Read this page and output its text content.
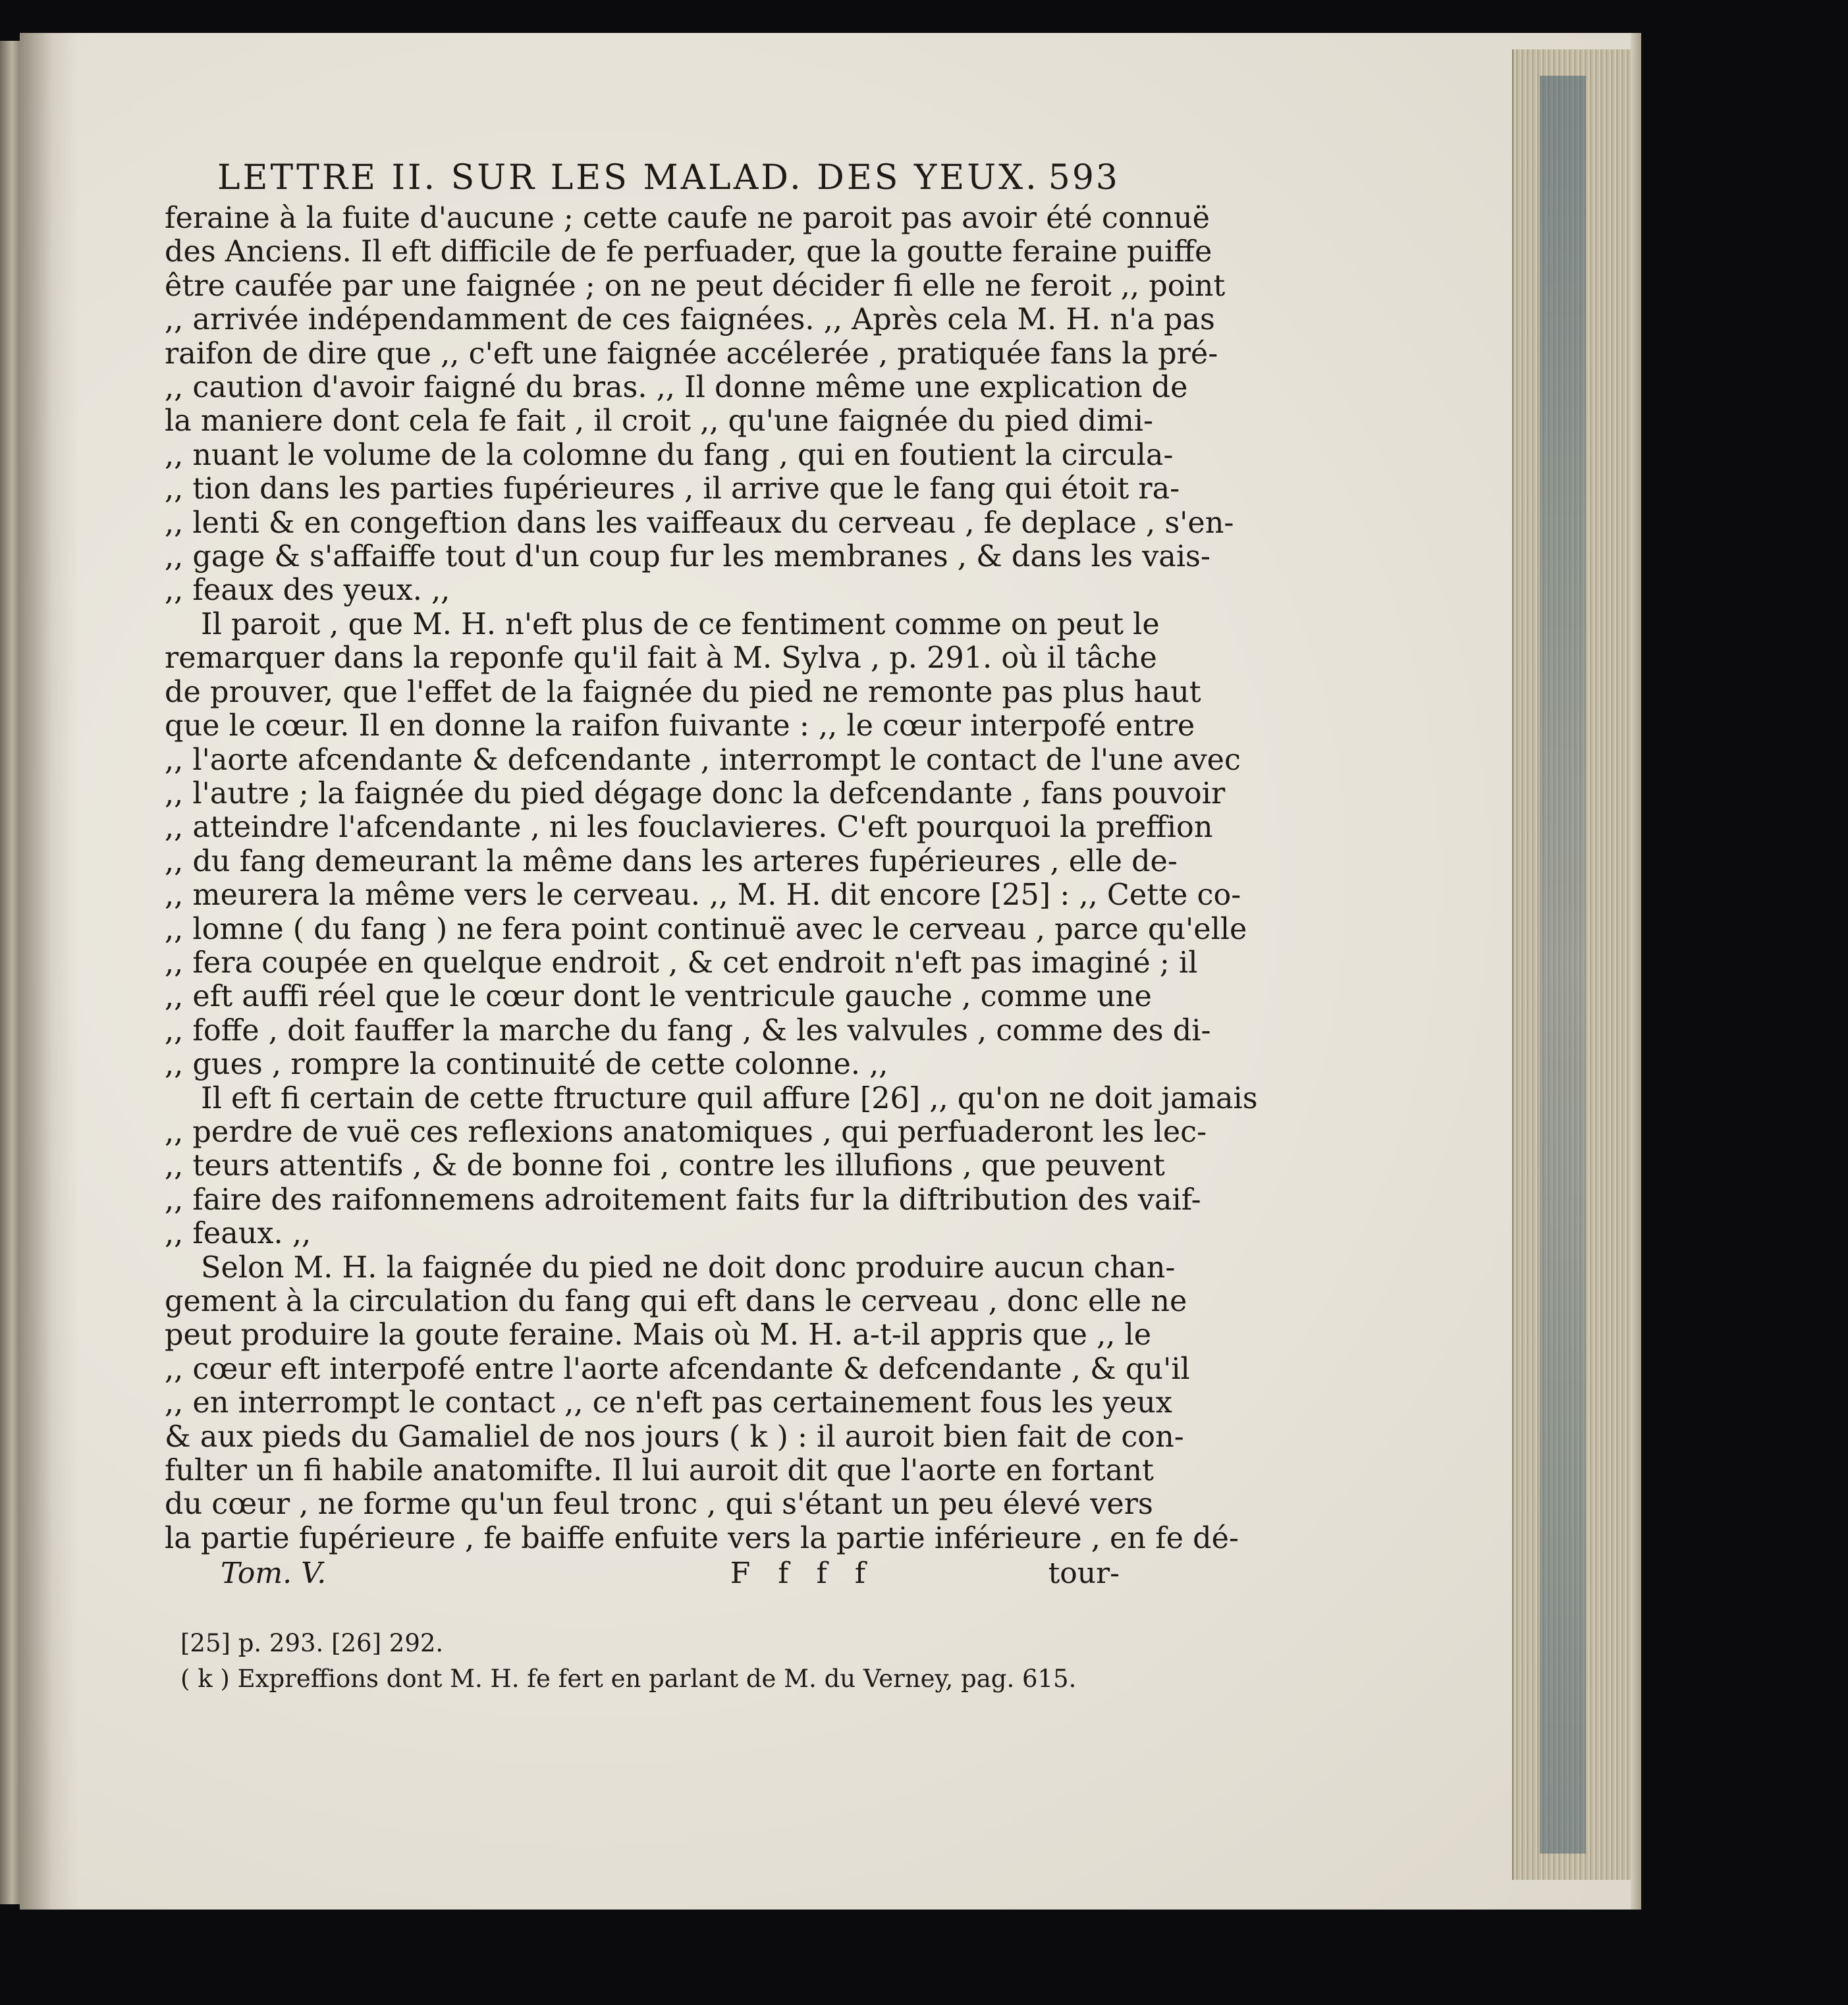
LETTRE II. SUR LES MALAD. DES YEUX. 593
feraine à la fuite d'aucune ; cette caufe ne paroit pas avoir été connuë
des Anciens. Il eft difficile de fe perfuader, que la goutte feraine puiffe
être caufée par une faignée ; on ne peut décider fi elle ne feroit ,, point
,, arrivée indépendamment de ces faignées. ,, Après cela M. H. n'a pas
raifon de dire que ,, c'eft une faignée accélerée , pratiquée fans la pré-
,, caution d'avoir faigné du bras. ,, Il donne même une explication de
la maniere dont cela fe fait , il croit ,, qu'une faignée du pied dimi-
,, nuant le volume de la colomne du fang , qui en foutient la circula-
,, tion dans les parties fupérieures , il arrive que le fang qui étoit ra-
,, lenti & en congeftion dans les vaiffeaux du cerveau , fe deplace , s'en-
,, gage & s'affaiffe tout d'un coup fur les membranes , & dans les vais-
,, feaux des yeux. ,,
Il paroit , que M. H. n'eft plus de ce fentiment comme on peut le
remarquer dans la reponfe qu'il fait à M. Sylva , p. 291. où il tâche
de prouver, que l'effet de la faignée du pied ne remonte pas plus haut
que le cœur. Il en donne la raifon fuivante : ,, le cœur interpofé entre
,, l'aorte afcendante & defcendante , interrompt le contact de l'une avec
,, l'autre ; la faignée du pied dégage donc la defcendante , fans pouvoir
,, atteindre l'afcendante , ni les fouclavieres. C'eft pourquoi la preffion
,, du fang demeurant la même dans les arteres fupérieures , elle de-
,, meurera la même vers le cerveau. ,, M. H. dit encore [25] : ,, Cette co-
,, lomne ( du fang ) ne fera point continuë avec le cerveau , parce qu'elle
,, fera coupée en quelque endroit , & cet endroit n'eft pas imaginé ; il
,, eft auffi réel que le cœur dont le ventricule gauche , comme une
,, foffe , doit fauffer la marche du fang , & les valvules , comme des di-
,, gues , rompre la continuité de cette colonne. ,,
Il eft fi certain de cette ftructure quil affure [26] ,, qu'on ne doit jamais
,, perdre de vuë ces reflexions anatomiques , qui perfuaderont les lec-
,, teurs attentifs , & de bonne foi , contre les illufions , que peuvent
,, faire des raifonnemens adroitement faits fur la diftribution des vaif-
,, feaux. ,,
Selon M. H. la faignée du pied ne doit donc produire aucun chan-
gement à la circulation du fang qui eft dans le cerveau , donc elle ne
peut produire la goute feraine. Mais où M. H. a-t-il appris que ,, le
,, cœur eft interpofé entre l'aorte afcendante & defcendante , & qu'il
,, en interrompt le contact ,, ce n'eft pas certainement fous les yeux
& aux pieds du Gamaliel de nos jours ( k ) : il auroit bien fait de con-
fulter un fi habile anatomifte. Il lui auroit dit que l'aorte en fortant
du cœur , ne forme qu'un feul tronc , qui s'étant un peu élevé vers
la partie fupérieure , fe baiffe enfuite vers la partie inférieure , en fe dé-
Tom. V.	F f f f	tour-
[25] p. 293. [26] 292.
( k ) Expreffions dont M. H. fe fert en parlant de M. du Verney, pag. 615.
